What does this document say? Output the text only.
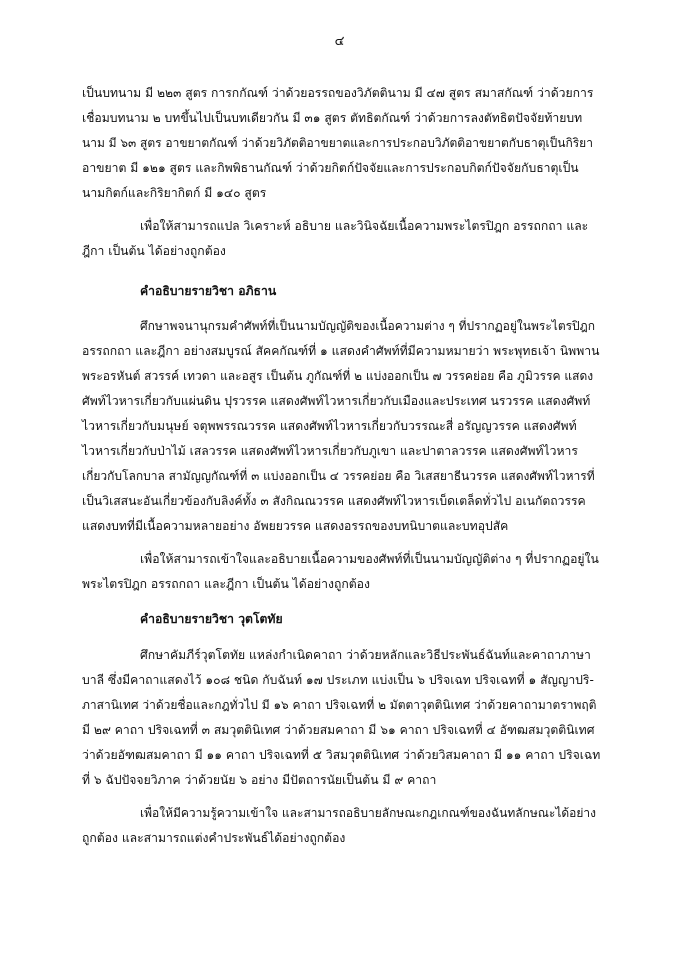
๔
เป็นบทนาม มี ๒๒๓ สูตร การกกัณฑ์ ว่าด้วยอรรถของวิภัตตินาม มี ๔๗ สูตร สมาสกัณฑ์ ว่าด้วยการ
เชื่อมบทนาม ๒ บทขึ้นไปเป็นบทเดียวกัน มี ๓๑ สูตร ตัทธิตกัณฑ์ ว่าด้วยการลงตัทธิตปัจจัยท้ายบท
นาม มี ๖๓ สูตร อาขยาตกัณฑ์ ว่าด้วยวิภัตติอาขยาตและการประกอบวิภัตติอาขยาตกับธาตุเป็นกิริยา
อาขยาต มี ๑๒๑ สูตร และกิพพิธานกัณฑ์ ว่าด้วยกิตก์ปัจจัยและการประกอบกิตก์ปัจจัยกับธาตุเป็น
นามกิตก์และกิริยากิตก์ มี ๑๔๐ สูตร
เพื่อให้สามารถแปล วิเคราะห์ อธิบาย และวินิจฉัยเนื้อความพระไตรปิฎก อรรถกถา และ
ฎีกา เป็นต้น ได้อย่างถูกต้อง
คำอธิบายรายวิชา อภิธาน
ศึกษาพจนานุกรมคำศัพท์ที่เป็นนามบัญญัติของเนื้อความต่าง ๆ ที่ปรากฏอยู่ในพระไตรปิฎก
อรรถกถา และฎีกา อย่างสมบูรณ์ สัคคกัณฑ์ที่ ๑ แสดงคำศัพท์ที่มีความหมายว่า พระพุทธเจ้า นิพพาน
พระอรหันต์ สวรรค์ เทวดา และอสูร เป็นต้น ภูกัณฑ์ที่ ๒ แบ่งออกเป็น ๗ วรรคย่อย คือ ภูมิวรรค แสดง
ศัพท์ไวหารเกี่ยวกับแผ่นดิน ปุรวรรค แสดงศัพท์ไวหารเกี่ยวกับเมืองและประเทศ นรวรรค แสดงศัพท์
ไวหารเกี่ยวกับมนุษย์ จตุพพรรณวรรค แสดงศัพท์ไวหารเกี่ยวกับวรรณะสี่ อรัญญวรรค แสดงศัพท์
ไวหารเกี่ยวกับป่าไม้ เสลวรรค แสดงศัพท์ไวหารเกี่ยวกับภูเขา และปาตาลวรรค แสดงศัพท์ไวหาร
เกี่ยวกับโลกบาล สามัญญกัณฑ์ที่ ๓ แบ่งออกเป็น ๔ วรรคย่อย คือ วิเสสยาธีนวรรค แสดงศัพท์ไวหารที่
เป็นวิเสสนะอันเกี่ยวข้องกับลิงค์ทั้ง ๓ สังกิณณวรรค แสดงศัพท์ไวหารเบ็ดเตล็ดทั่วไป อเนกัตถวรรค
แสดงบทที่มีเนื้อความหลายอย่าง อัพยยวรรค แสดงอรรถของบทนิบาตและบทอุปสัค
เพื่อให้สามารถเข้าใจและอธิบายเนื้อความของศัพท์ที่เป็นนามบัญญัติต่าง ๆ ที่ปรากฏอยู่ใน
พระไตรปิฎก อรรถกถา และฎีกา เป็นต้น ได้อย่างถูกต้อง
คำอธิบายรายวิชา วุตโตทัย
ศึกษาคัมภีร์วุตโตทัย แหล่งกำเนิดคาถา ว่าด้วยหลักและวิธีประพันธ์ฉันท์และคาถาภาษา
บาลี ซึ่งมีคาถาแสดงไว้ ๑๐๘ ชนิด กับฉันท์ ๑๗ ประเภท แบ่งเป็น ๖ ปริจเฉท ปริจเฉทที่ ๑ สัญญาปริ-
ภาสานิเทศ ว่าด้วยชื่อและกฎทั่วไป มี ๑๖ คาถา ปริจเฉทที่ ๒ มัตตาวุตตินิเทศ ว่าด้วยคาถามาตราพฤติ
มี ๒๙ คาถา ปริจเฉทที่ ๓ สมวุตตินิเทศ ว่าด้วยสมคาถา มี ๖๑ คาถา ปริจเฉทที่ ๔ อัฑฒสมวุตตินิเทศ
ว่าด้วยอัฑฒสมคาถา มี ๑๑ คาถา ปริจเฉทที่ ๕ วิสมวุตตินิเทศ ว่าด้วยวิสมคาถา มี ๑๑ คาถา ปริจเฉท
ที่ ๖ ฉัปปัจจยวิภาค ว่าด้วยนัย ๖ อย่าง มีปัตถารนัยเป็นต้น มี ๙ คาถา
เพื่อให้มีความรู้ความเข้าใจ และสามารถอธิบายลักษณะกฎเกณฑ์ของฉันทลักษณะได้อย่าง
ถูกต้อง และสามารถแต่งคำประพันธ์ได้อย่างถูกต้อง
